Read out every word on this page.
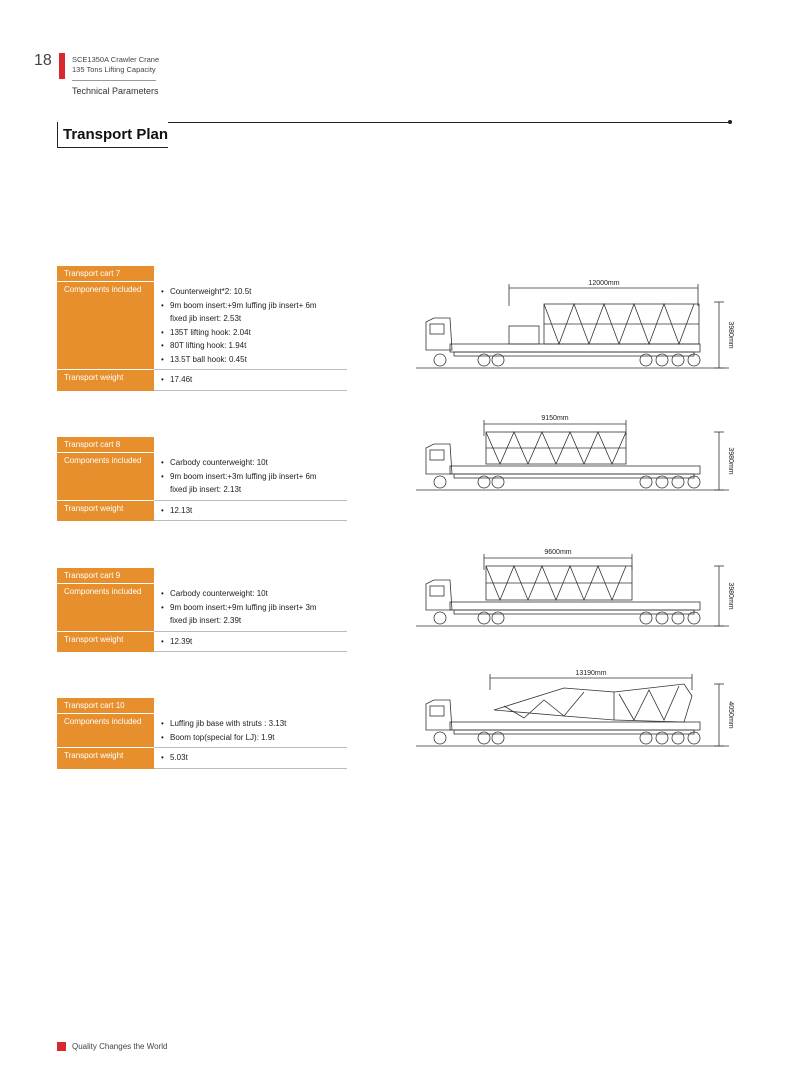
18	SCE1350A Crawler Crane
135 Tons Lifting Capacity
Technical Parameters
Transport Plan
Transport cart 7
Components included	• Counterweight*2: 10.5t
• 9m boom insert:+9m luffing jib insert+ 6m
fixed jib insert: 2.53t
• 135T lifting hook: 2.04t
• 80T lifting hook: 1.94t
• 13.5T ball hook: 0.45t
Transport weight	• 17.46t
Transport cart 8
Components included	• Carbody counterweight: 10t
• 9m boom insert:+3m luffing jib insert+ 6m
fixed jib insert: 2.13t
Transport weight	• 12.13t
Transport cart 9
Components included	• Carbody counterweight: 10t
• 9m boom insert:+9m luffing jib insert+ 3m
fixed jib insert: 2.39t
Transport weight	• 12.39t
Transport cart 10
Components included	• Luffing jib base with struts : 3.13t
• Boom top(special for LJ): 1.9t
Transport weight	• 5.03t
12000mm
3980mm
9150mm
3980mm
9600mm
3980mm
13190mm
4050mm
Quality Changes the World
